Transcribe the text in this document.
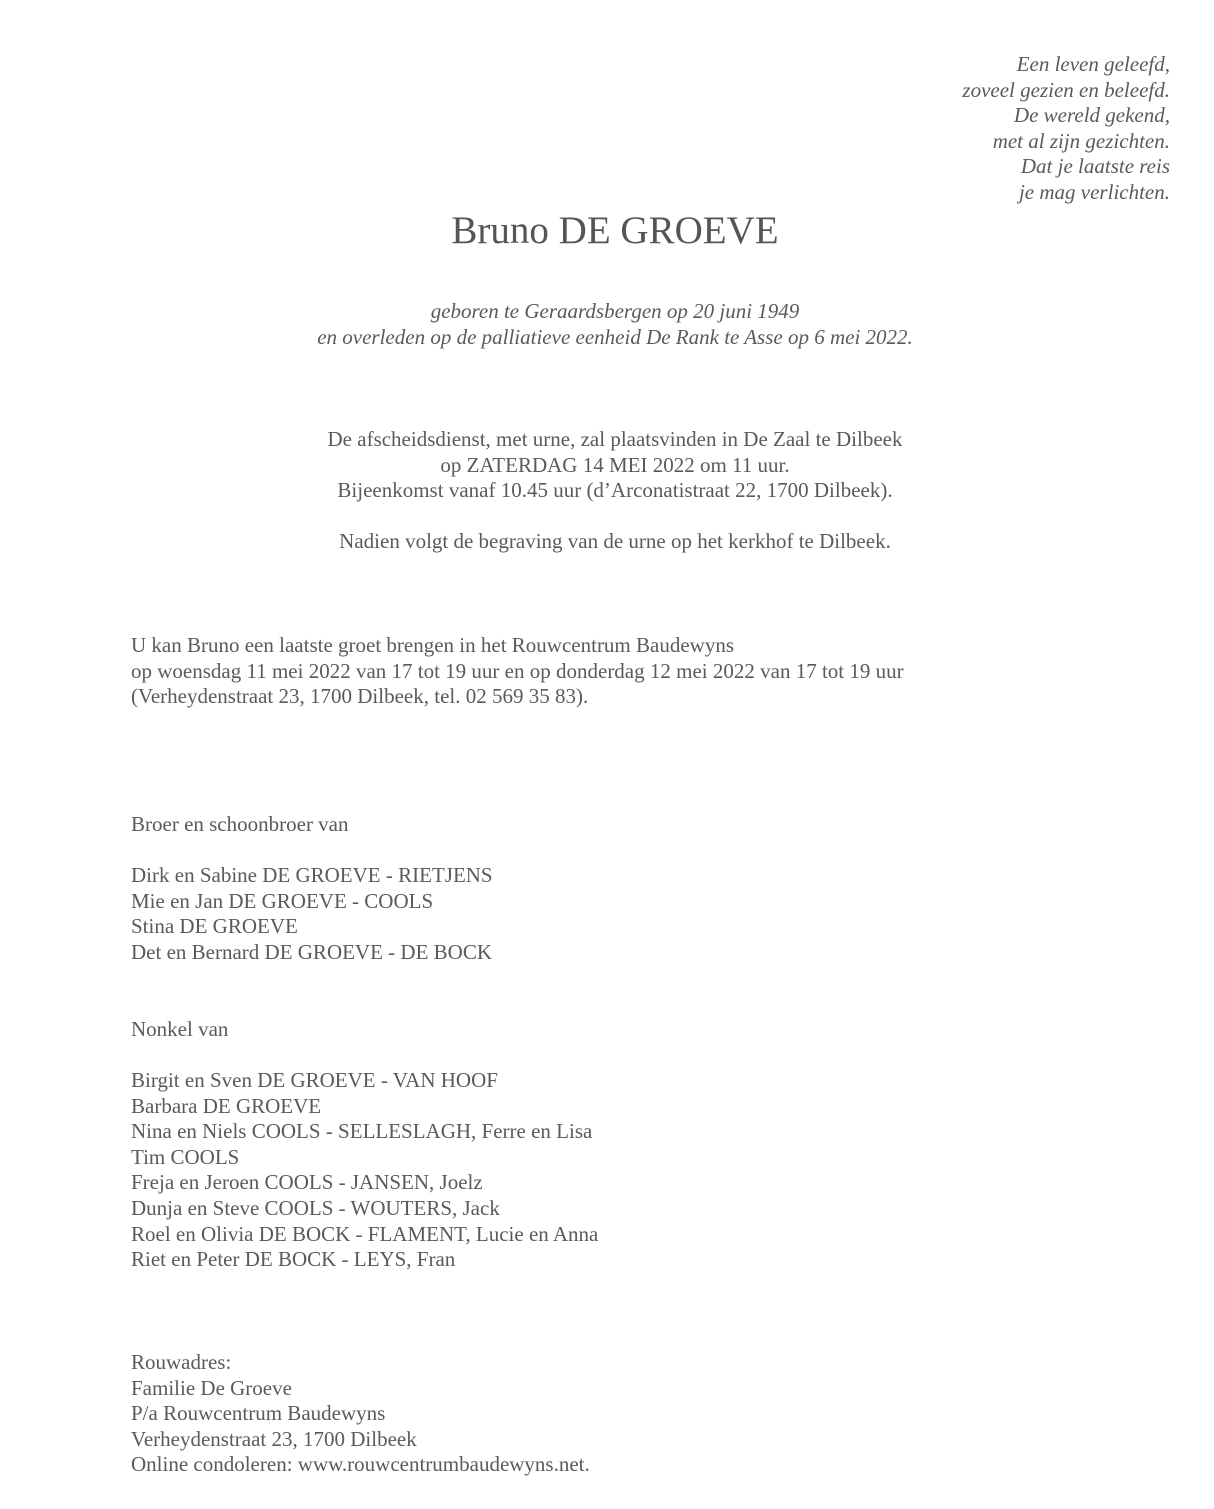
Een leven geleefd,
zoveel gezien en beleefd.
De wereld gekend,
met al zijn gezichten.
Dat je laatste reis
je mag verlichten.
Bruno DE GROEVE
geboren te Geraardsbergen op 20 juni 1949
en overleden op de palliatieve eenheid De Rank te Asse op 6 mei 2022.
De afscheidsdienst, met urne, zal plaatsvinden in De Zaal te Dilbeek
op ZATERDAG 14 MEI 2022 om 11 uur.
Bijeenkomst vanaf 10.45 uur (d’Arconatistraat 22, 1700 Dilbeek).
Nadien volgt de begraving van de urne op het kerkhof te Dilbeek.
U kan Bruno een laatste groet brengen in het Rouwcentrum Baudewyns
op woensdag 11 mei 2022 van 17 tot 19 uur en op donderdag 12 mei 2022 van 17 tot 19 uur
(Verheydenstraat 23, 1700 Dilbeek, tel. 02 569 35 83).
Broer en schoonbroer van
Dirk en Sabine DE GROEVE - RIETJENS
Mie en Jan DE GROEVE - COOLS
Stina DE GROEVE
Det en Bernard DE GROEVE - DE BOCK
Nonkel van
Birgit en Sven DE GROEVE - VAN HOOF
Barbara DE GROEVE
Nina en Niels COOLS - SELLESLAGH, Ferre en Lisa
Tim COOLS
Freja en Jeroen COOLS - JANSEN, Joelz
Dunja en Steve COOLS - WOUTERS, Jack
Roel en Olivia DE BOCK - FLAMENT, Lucie en Anna
Riet en Peter DE BOCK - LEYS, Fran
Rouwadres:
Familie De Groeve
P/a Rouwcentrum Baudewyns
Verheydenstraat 23, 1700 Dilbeek
Online condoleren: www.rouwcentrumbaudewyns.net.
